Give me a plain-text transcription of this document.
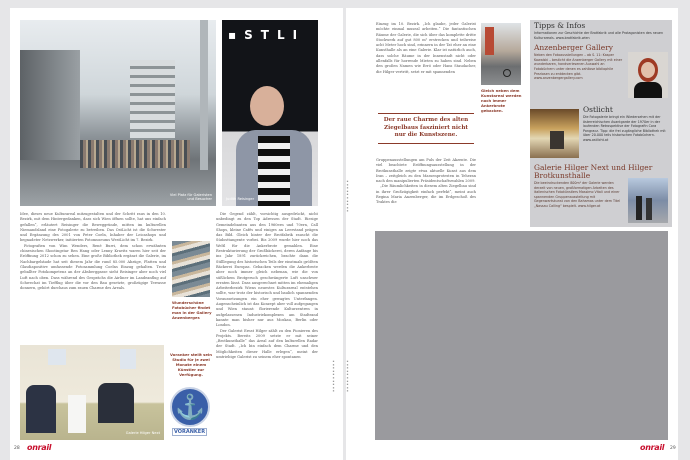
Viel Platz für Galeristen und Besucher
▪STLI
Judith Reisinger

Idee, dieses neue Kulturareal mitzugestalten und der Schritt raus in den 10. Bezirk, mit dem Hintergedanken, dass sich Wien öffnen sollte, hat uns einfach gefallen“, erläutert Reisinger die Beweggründe, mitten im kulturellen Niemandsland eine Fotogalerie zu betreiben. Das OstLicht ist die Schwester und Ergänzung des 2001 von Peter Coeln, Inhaber der Leicashops und begnadeter Netzwerker, initiierten Fotomuseums WestLicht im 7. Bezirk.

Fotografien von Wim Wenders, René Burri, dem schon erwähnten chinesischen Shootingstar Ren Hang oder Lenny Kravitz waren hier seit der Eröffnung 2012 schon zu sehen. Eine große Bibliothek ergänzt die Galerie, im Nachbargebäude hat seit diesem Jahr die rund 85.000 Abzüge, Platten und Glasdiapositive umfassende Fotosammlung Coelns Einzug gehalten. Trotz geballter Fotokompetenz an der Absberggasse sieht Reisinger aber noch viel Luft nach oben. Dass während des Gesprächs die Airliner im Landeanflug auf Schwechat im Tiefflug über die vor den Bau gesetzte, großzügige Terrasse donnern, gehört durchaus zum rauen Charme des Areals.

Wunderschöne Fotobücher findet man in der Gallery Anzenberger.
Galerie Hilger Next
Voranker stellt sein Studio für je zwei Monate einem Künstler zur Verfügung.
⚓
VORANKER

Die Gegend zählt, vorsichtig ausgedrückt, nicht unbedingt zu den Top Adressen der Stadt. Riesige Gemeindebauten aus den 1960ern und 70ern, Call Shops, kleine Cafés und einiges an Leerstand prägen das Bild. Gleich hinter der Brotfabrik rauscht die Südosttangente vorbei. Bis 2009 wurde hier noch das Weltl für die Ankerbrote gemahlen. Eine Restrukturierung der Großbäckerei, deren Anfänge bis ins Jahr 1891 zurückreichen, brachte dann die Stilllegung des historischen Teils der einstmals größten Bäckerei Europas. Gebacken werden die Ankerbrote aber noch immer gleich nebenan, wie die von süßlichem Brotgeruch geschwängerte Luft unschwer erraten lässt. Dass ausgerechnet mitten im ehemaligen Arbeiterbezirk Wiens neuestes Kulturareal entstehen sollte, war trotz der historisch und baulich spannenden Voraussetzungen ein eher gewagtes Unterfangen. Augenscheinlich ist das Konzept aber voll aufgegangen und Wien staunt: florierende Kulturzentren in aufgelassenen Industriekomplexen am Stadtrand kannte man bisher nur aus Moskau, Berlin oder London.

Der Galerist Ernst Hilger zählt zu den Pionieren des Projekts. Bereits 2009 setzte er mit seiner „Brotkunsthalle“ das Areal auf den kulturellen Radar der Stadt. „Ich bin einfach dem Charme und den Möglichkeiten dieser Halle erlegen“, meint der umtriebige Galerist zu seinem eher spontanen

28 onrail
▪▪▪▪▪▪▪▪▪▪
Einzug im 10. Bezirk. „Ich glaube, jeder Galerist möchte einmal museal arbeiten.“ Die fantastischen Räume der Galerie, die sich über das komplette dritte Stockwerk auf gut 800 m² erstrecken und teilweise acht Meter hoch sind, erinnern in der Tat eher an eine Kunsthalle als an eine Galerie. Klar ist natürlich auch, dass solche Räume in der Innenstadt nicht oder allenfalls für horrende Mieten zu haben sind. Neben den großen Namen wie Erró oder Hans Staudacher, die Hilger vertritt, setzt er mit spannenden
Der raue Charme des alten Ziegelbaus fasziniert nicht nur die Kunstszene.

Gruppenausstellungen am Puls der Zeit Akzente. Die viel beachtete Eröffnungsausstellung in der Brotkunsthalle zeigte etwa aktuelle Kunst aus dem Iran – zeitgleich zu den Massenprotesten in Teheran nach den manipulierten Präsidentschaftswahlen 2009.

„Die Räumlichkeiten in diesem alten Ziegelbau sind in ihrer Großzügigkeit einfach perfekt“, meint auch Regina Maria Anzenberger, die im Erdgeschoß des Traktes die

Gleich neben dem Kunstareal werden noch immer Ankerbrote gebacken.
Tipps & Infos
Informationen zur Geschichte der Brotfabrik und alle Protagonisten des neuen Kulturareals. www.brotfabrik.wien
Anzenberger Gallery
Neben den Fotoausstellungen – ab S. 11: Kasper Kowalski – besticht die Anzenberger Gallery mit einer wunderbaren, handverlesenen Auswahl an Fotobüchern unter denen es zahllose bibliophile Preziosen zu entdecken gibt. www.anzenbergergallery.com
Ostlicht
Die Fotogalerie bringt ein Wiedersehen mit der österreichischen Avantgarde der 1970er in der laufenden Retrospektive der Fotografin Cora Pongracz. Tipp: die frei zugängliche Bibliothek mit über 20.000 teils historischen Fotobüchern. www.ostlicht.at
Galerie Hilger Next und Hilger Brotkunsthalle
Die beeindruckenden 800m² der Galerie werden derzeit von neuen, großformatigen Arbeiten des italienischen Fotokünstlers Massimo Vitali und einer spannenden Gruppenausstellung mit Gegenwartskunst von den Bahamas unter dem Titel „Nassau Calling“ bespielt. www.hilger.at
▪▪▪▪▪▪▪▪▪▪
▪▪▪▪▪▪▪▪▪▪
onrail 29
